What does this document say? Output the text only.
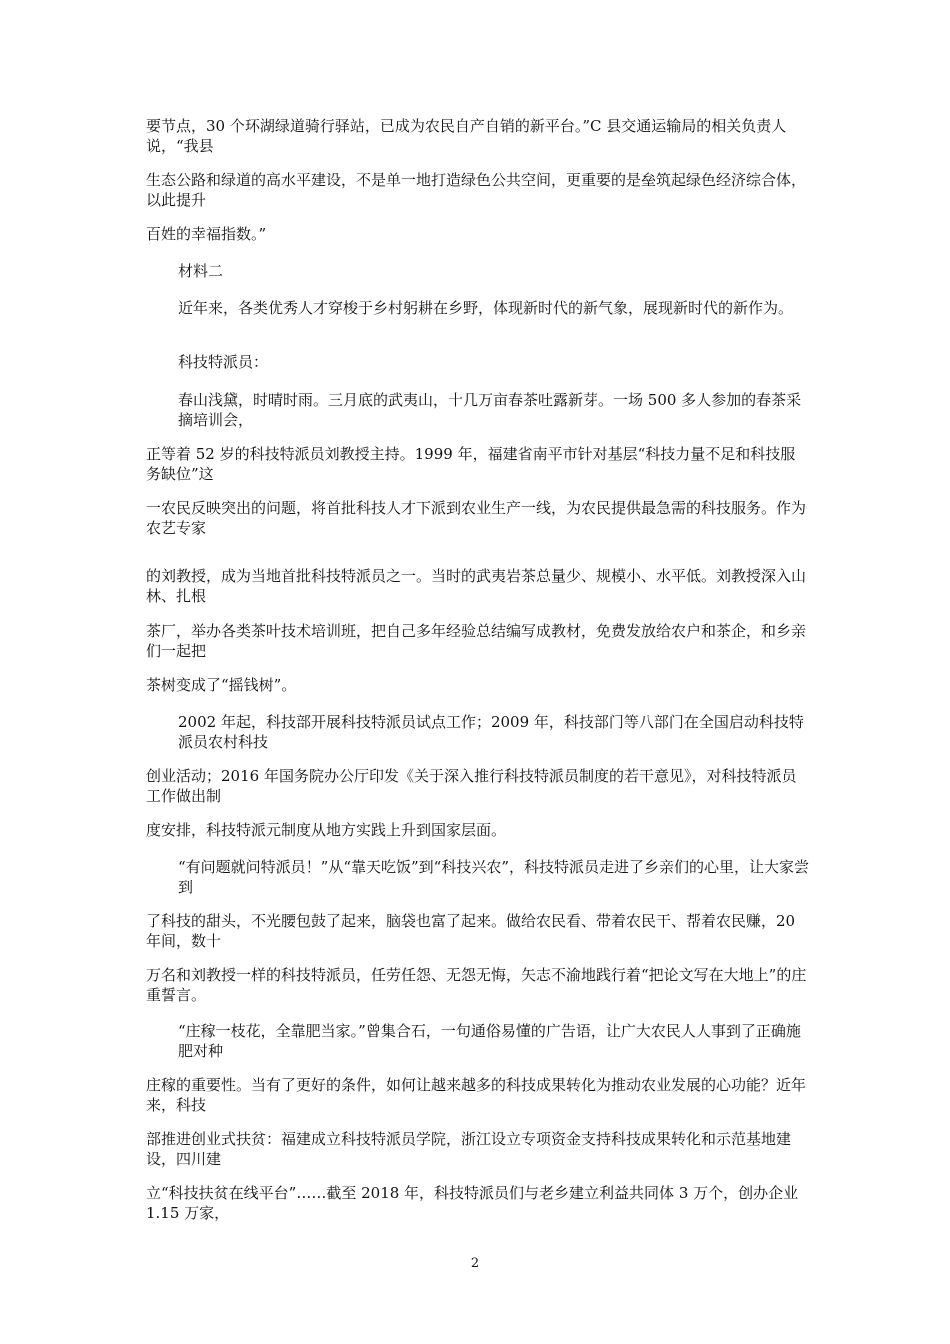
要节点，30 个环湖绿道骑行驿站，已成为农民自产自销的新平台。”C 县交通运输局的相关负责人说，“我县

生态公路和绿道的高水平建设，不是单一地打造绿色公共空间，更重要的是垒筑起绿色经济综合体，以此提升

百姓的幸福指数。”

材料二

近年来，各类优秀人才穿梭于乡村躬耕在乡野，体现新时代的新气象，展现新时代的新作为。

科技特派员：

春山浅黛，时晴时雨。三月底的武夷山，十几万亩春茶吐露新芽。一场 500 多人参加的春茶采摘培训会，

正等着 52 岁的科技特派员刘教授主持。1999 年，福建省南平市针对基层“科技力量不足和科技服务缺位”这

一农民反映突出的问题，将首批科技人才下派到农业生产一线，为农民提供最急需的科技服务。作为农艺专家

的刘教授，成为当地首批科技特派员之一。当时的武夷岩茶总量少、规模小、水平低。刘教授深入山林、扎根

茶厂，举办各类茶叶技术培训班，把自己多年经验总结编写成教材，免费发放给农户和茶企，和乡亲们一起把

茶树变成了“摇钱树”。

2002 年起，科技部开展科技特派员试点工作；2009 年，科技部门等八部门在全国启动科技特派员农村科技

创业活动；2016 年国务院办公厅印发《关于深入推行科技特派员制度的若干意见》，对科技特派员工作做出制

度安排，科技特派元制度从地方实践上升到国家层面。

“有问题就问特派员！”从“靠天吃饭”到“科技兴农”，科技特派员走进了乡亲们的心里，让大家尝到

了科技的甜头，不光腰包鼓了起来，脑袋也富了起来。做给农民看、带着农民干、帮着农民赚，20 年间，数十

万名和刘教授一样的科技特派员，任劳任怨、无怨无悔，矢志不渝地践行着“把论文写在大地上”的庄重誓言。

“庄稼一枝花，全靠肥当家。”曾集合石，一句通俗易懂的广告语，让广大农民人人事到了正确施肥对种

庄稼的重要性。当有了更好的条件，如何让越来越多的科技成果转化为推动农业发展的心功能？近年来，科技

部推进创业式扶贫：福建成立科技特派员学院，浙江设立专项资金支持科技成果转化和示范基地建设，四川建

立“科技扶贫在线平台”……截至 2018 年，科技特派员们与老乡建立利益共同体 3 万个，创办企业 1.15 万家，

2
